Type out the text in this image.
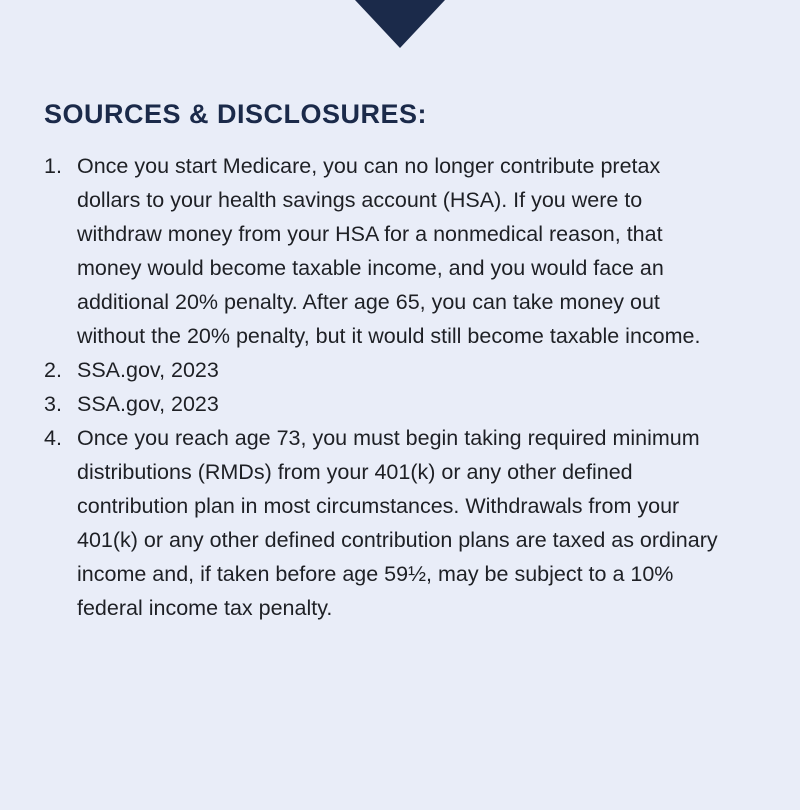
SOURCES & DISCLOSURES:
1. Once you start Medicare, you can no longer contribute pretax dollars to your health savings account (HSA). If you were to withdraw money from your HSA for a nonmedical reason, that money would become taxable income, and you would face an additional 20% penalty. After age 65, you can take money out without the 20% penalty, but it would still become taxable income.
2. SSA.gov, 2023
3. SSA.gov, 2023
4. Once you reach age 73, you must begin taking required minimum distributions (RMDs) from your 401(k) or any other defined contribution plan in most circumstances. Withdrawals from your 401(k) or any other defined contribution plans are taxed as ordinary income and, if taken before age 59½, may be subject to a 10% federal income tax penalty.
